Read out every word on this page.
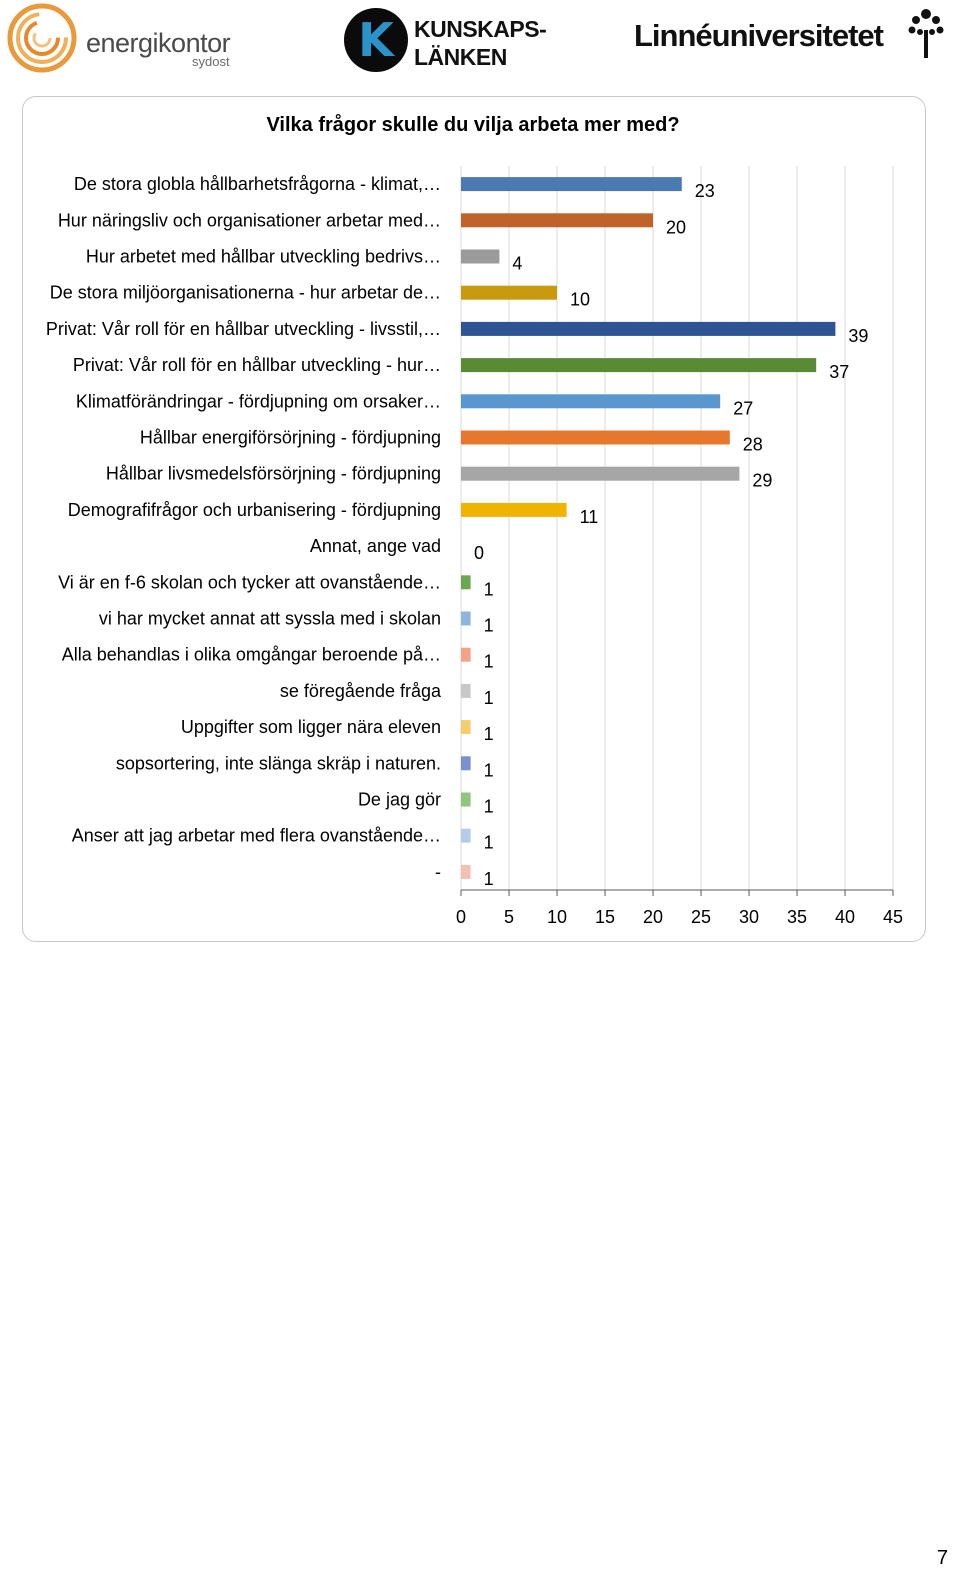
energikontor
sydost	K KUNSKAPS-
LÄNKEN
Linnéuniversitetet
Vilka frågor skulle du vilja arbeta mer med?
0 5 10 15 20 25 30 35 40 45
De stora globla hållbarhetsfrågorna - klimat,…	23
Hur näringsliv och organisationer arbetar med…	20
Hur arbetet med hållbar utveckling bedrivs…	4
De stora miljöorganisationerna - hur arbetar de…	10
Privat: Vår roll för en hållbar utveckling - livsstil,…	39
Privat: Vår roll för en hållbar utveckling - hur…	37
Klimatförändringar - fördjupning om orsaker…	27
Hållbar energiförsörjning - fördjupning	28
Hållbar livsmedelsförsörjning - fördjupning	29
Demografifrågor och urbanisering - fördjupning	11
Annat, ange vad 0
Vi är en f-6 skolan och tycker att ovanstående… 1
vi har mycket annat att syssla med i skolan 1
Alla behandlas i olika omgångar beroende på… 1
se föregående fråga 1
Uppgifter som ligger nära eleven 1
sopsortering, inte slänga skräp i naturen. 1
De jag gör 1
Anser att jag arbetar med flera ovanstående… 1
- 1
7
